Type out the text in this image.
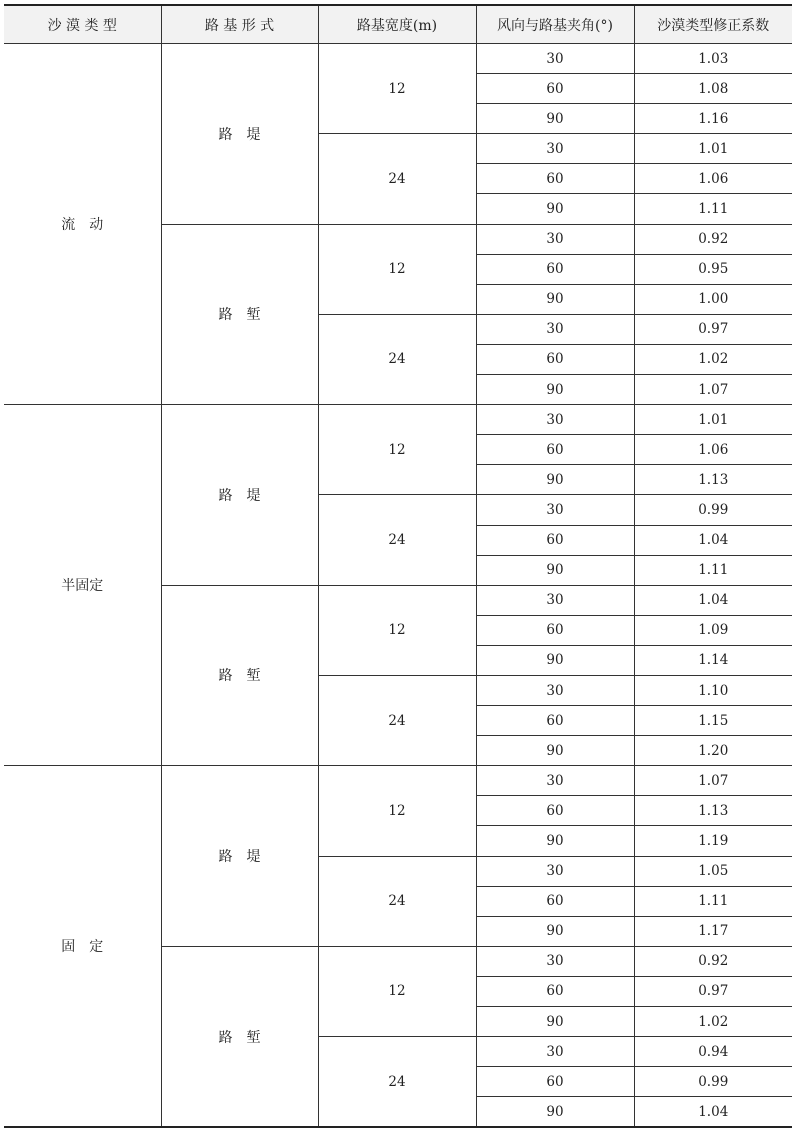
沙 漠 类 型	路 基 形 式	路基宽度(m)	风向与路基夹角(°)	沙漠类型修正系数
流　动	路　堤	12	30	1.03
			60	1.08
			90	1.16
		24	30	1.01
			60	1.06
			90	1.11
	路　堑	12	30	0.92
			60	0.95
			90	1.00
		24	30	0.97
			60	1.02
			90	1.07
半固定	路　堤	12	30	1.01
			60	1.06
			90	1.13
		24	30	0.99
			60	1.04
			90	1.11
	路　堑	12	30	1.04
			60	1.09
			90	1.14
		24	30	1.10
			60	1.15
			90	1.20
固　定	路　堤	12	30	1.07
			60	1.13
			90	1.19
		24	30	1.05
			60	1.11
			90	1.17
	路　堑	12	30	0.92
			60	0.97
			90	1.02
		24	30	0.94
			60	0.99
			90	1.04
